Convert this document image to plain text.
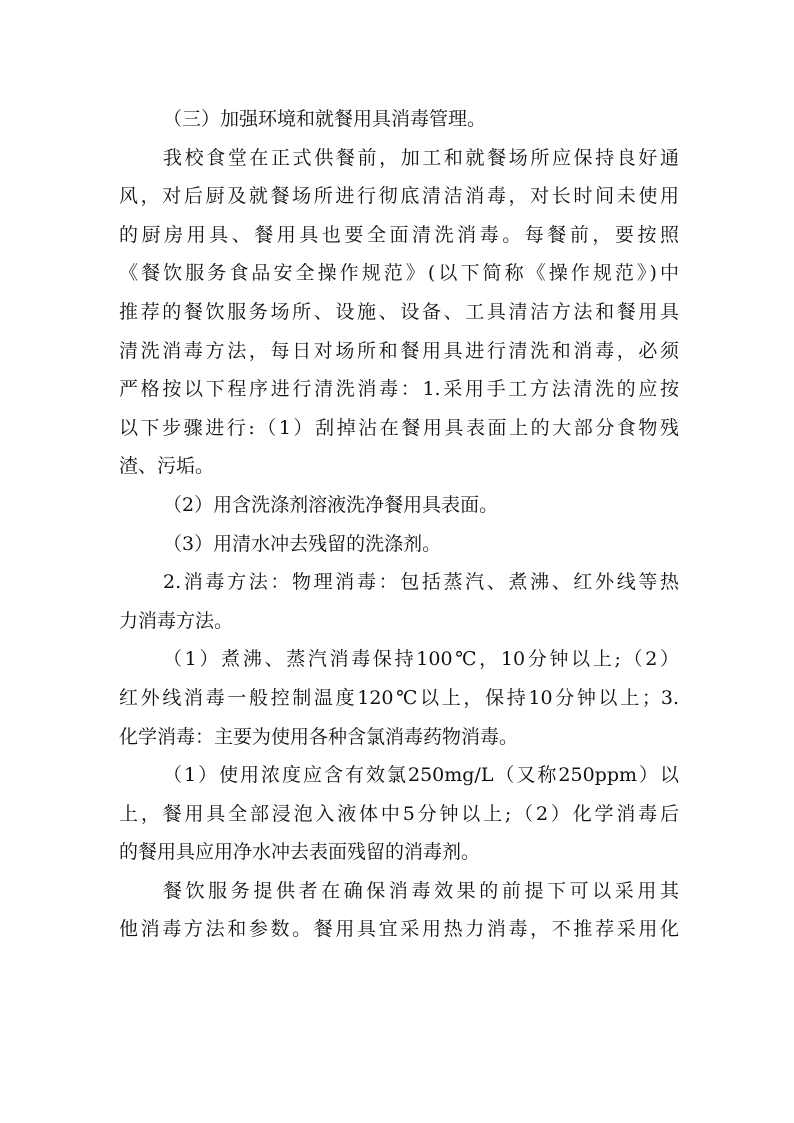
（三）加强环境和就餐用具消毒管理。
我校食堂在正式供餐前，加工和就餐场所应保持良好通
风，对后厨及就餐场所进行彻底清洁消毒，对长时间未使用
的厨房用具、餐用具也要全面清洗消毒。每餐前，要按照
《餐饮服务食品安全操作规范》(以下简称《操作规范》)中
推荐的餐饮服务场所、设施、设备、工具清洁方法和餐用具
清洗消毒方法，每日对场所和餐用具进行清洗和消毒，必须
严格按以下程序进行清洗消毒：1.采用手工方法清洗的应按
以下步骤进行:（1）刮掉沾在餐用具表面上的大部分食物残
渣、污垢。
（2）用含洗涤剂溶液洗净餐用具表面。
（3）用清水冲去残留的洗涤剂。
2.消毒方法：物理消毒：包括蒸汽、煮沸、红外线等热
力消毒方法。
（1）煮沸、蒸汽消毒保持100℃，10分钟以上;（2）
红外线消毒一般控制温度120℃以上，保持10分钟以上；3.
化学消毒：主要为使用各种含氯消毒药物消毒。
（1）使用浓度应含有效氯250mg/L（又称250ppm）以
上，餐用具全部浸泡入液体中5分钟以上;（2）化学消毒后
的餐用具应用净水冲去表面残留的消毒剂。
餐饮服务提供者在确保消毒效果的前提下可以采用其
他消毒方法和参数。餐用具宜采用热力消毒，不推荐采用化
